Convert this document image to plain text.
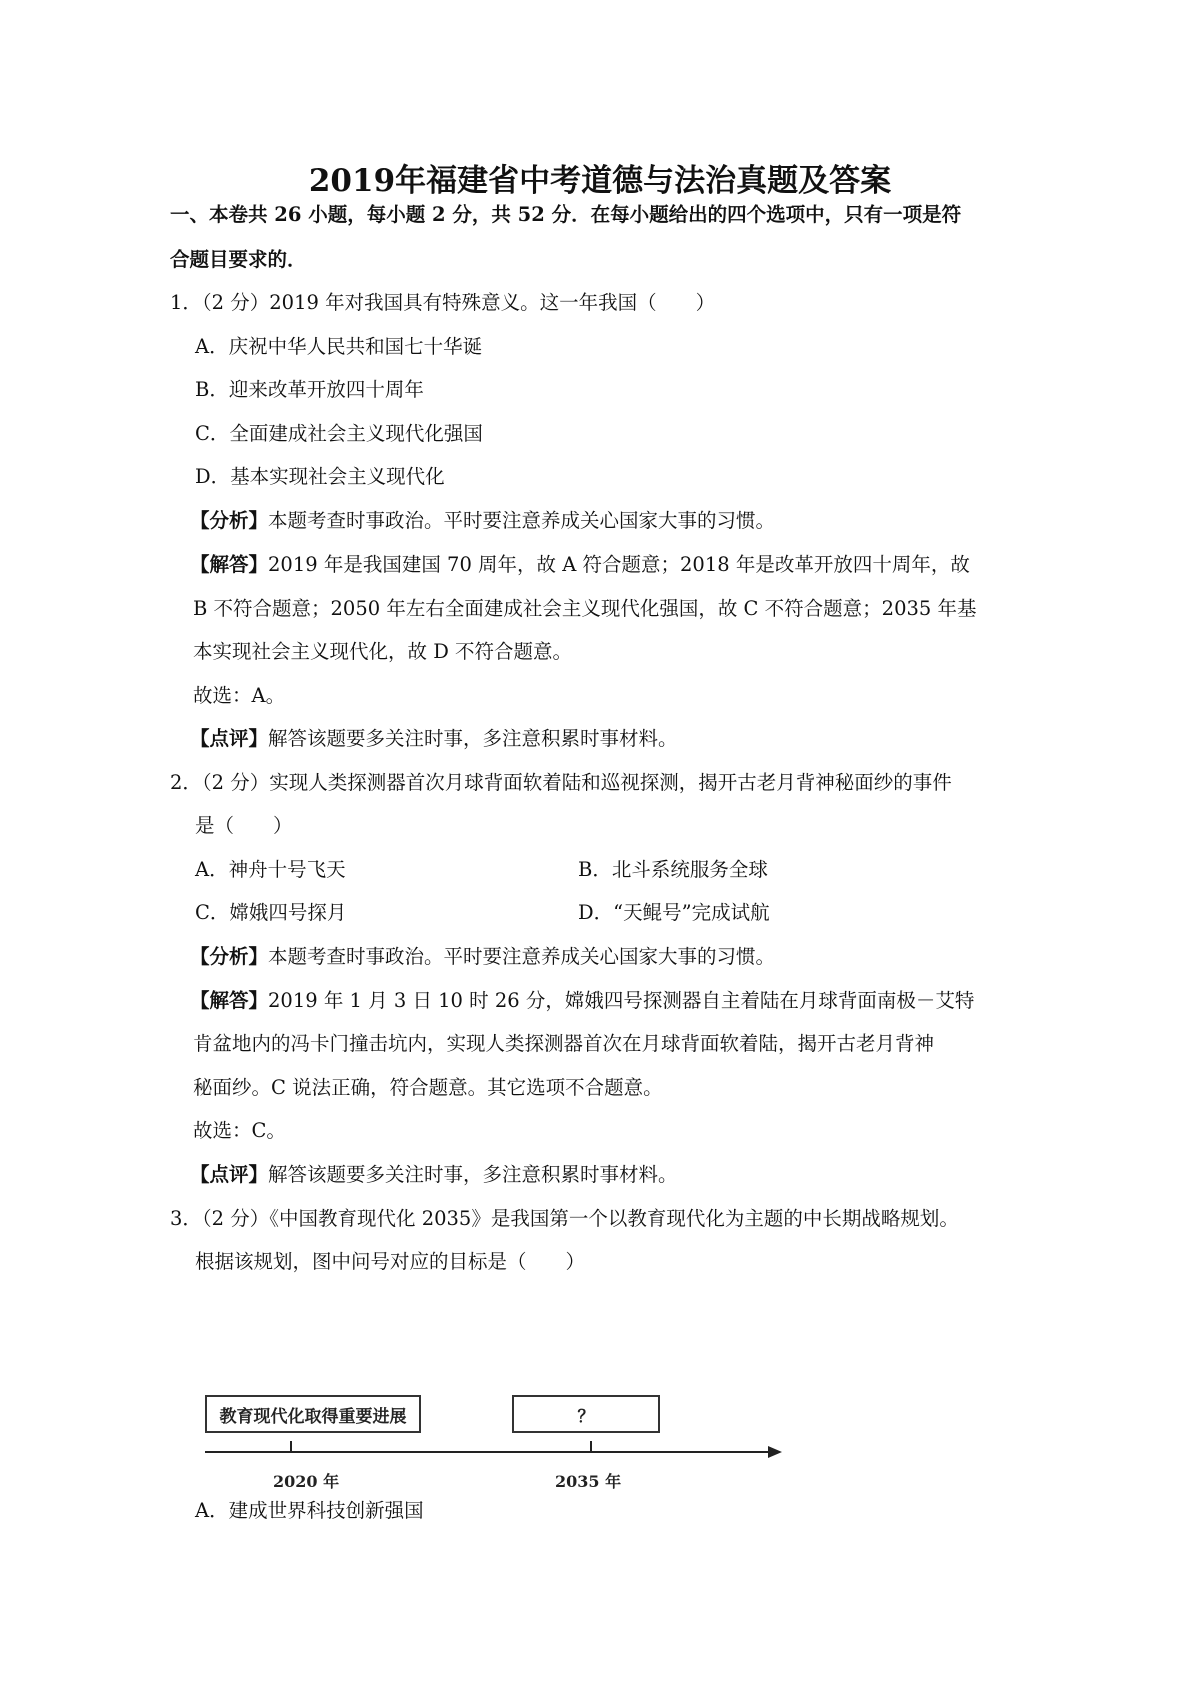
2019年福建省中考道德与法治真题及答案
一、本卷共 26 小题，每小题 2 分，共 52 分．在每小题给出的四个选项中，只有一项是符
合题目要求的．
1．（2 分）2019 年对我国具有特殊意义。这一年我国（　　）
A．庆祝中华人民共和国七十华诞
B．迎来改革开放四十周年
C．全面建成社会主义现代化强国
D．基本实现社会主义现代化
【分析】本题考查时事政治。平时要注意养成关心国家大事的习惯。
【解答】2019 年是我国建国 70 周年，故 A 符合题意；2018 年是改革开放四十周年，故
B 不符合题意；2050 年左右全面建成社会主义现代化强国，故 C 不符合题意；2035 年基
本实现社会主义现代化，故 D 不符合题意。
故选：A。
【点评】解答该题要多关注时事，多注意积累时事材料。
2．（2 分）实现人类探测器首次月球背面软着陆和巡视探测，揭开古老月背神秘面纱的事件
是（　　）
A．神舟十号飞天	B．北斗系统服务全球
C．嫦娥四号探月	D．“天鲲号”完成试航
【分析】本题考查时事政治。平时要注意养成关心国家大事的习惯。
【解答】2019 年 1 月 3 日 10 时 26 分，嫦娥四号探测器自主着陆在月球背面南极－艾特
肯盆地内的冯卡门撞击坑内，实现人类探测器首次在月球背面软着陆，揭开古老月背神
秘面纱。C 说法正确，符合题意。其它选项不合题意。
故选：C。
【点评】解答该题要多关注时事，多注意积累时事材料。
3．（2 分）《中国教育现代化 2035》是我国第一个以教育现代化为主题的中长期战略规划。
根据该规划，图中问号对应的目标是（　　）
教育现代化取得重要进展	？
2020 年	2035 年
A．建成世界科技创新强国
